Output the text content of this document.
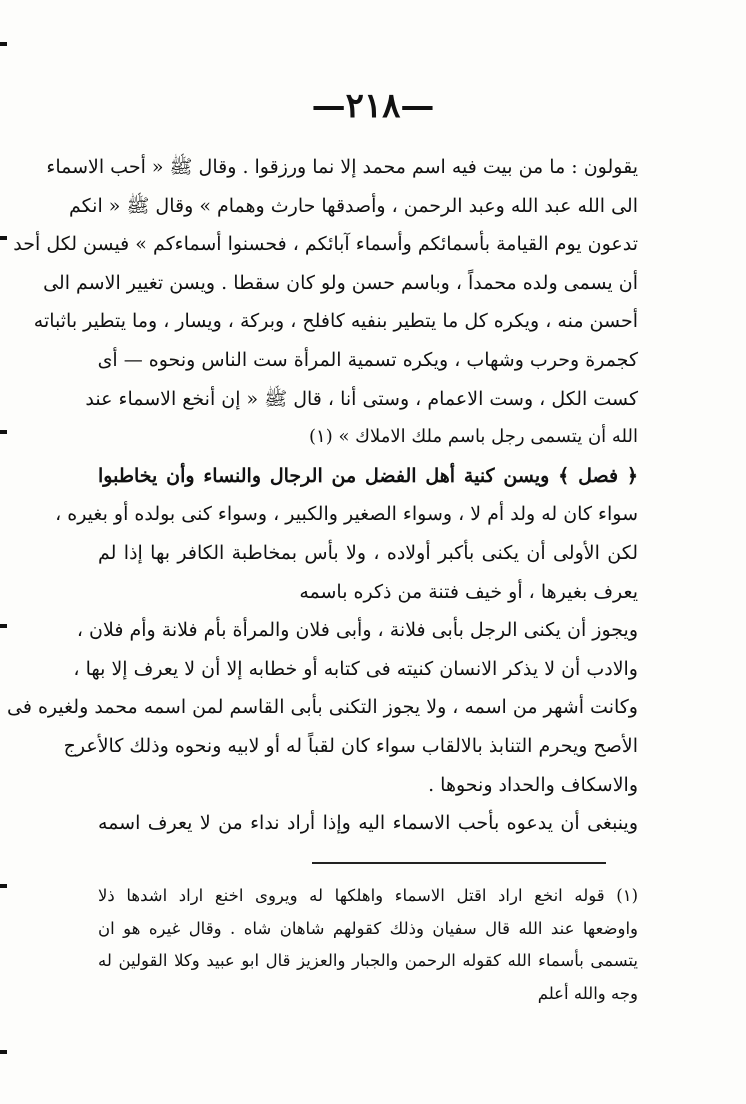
—٢١٨—
يقولون : ما من بيت فيه اسم محمد إلا نما ورزقوا . وقال ﷺ « أحب الاسماء
الى الله عبد الله وعبد الرحمن ، وأصدقها حارث وهمام » وقال ﷺ « انكم
تدعون يوم القيامة بأسمائكم وأسماء آبائكم ، فحسنوا أسماءكم » فيسن لكل أحد
أن يسمى ولده محمداً ، وباسم حسن ولو كان سقطا . ويسن تغيير الاسم الى
أحسن منه ، ويكره كل ما يتطير بنفيه كافلح ، وبركة ، ويسار ، وما يتطير باثباته
كجمرة وحرب وشهاب ، ويكره تسمية المرأة ست الناس ونحوه — أى
كست الكل ، وست الاعمام ، وستى أنا ، قال ﷺ « إن أنخع الاسماء عند
الله أن يتسمى رجل باسم ملك الاملاك » (١)
﴿ فصل ﴾ ويسن كنية أهل الفضل من الرجال والنساء وأن يخاطبوا
سواء كان له ولد أم لا ، وسواء الصغير والكبير ، وسواء كنى بولده أو بغيره ،
لكن الأولى أن يكنى بأكبر أولاده ، ولا بأس بمخاطبة الكافر بها إذا لم
يعرف بغيرها ، أو خيف فتنة من ذكره باسمه
ويجوز أن يكنى الرجل بأبى فلانة ، وأبى فلان والمرأة بأم فلانة وأم فلان ،
والادب أن لا يذكر الانسان كنيته فى كتابه أو خطابه إلا أن لا يعرف إلا بها ،
وكانت أشهر من اسمه ، ولا يجوز التكنى بأبى القاسم لمن اسمه محمد ولغيره فى
الأصح ويحرم التنابذ بالالقاب سواء كان لقباً له أو لابيه ونحوه وذلك كالأعرج
والاسكاف والحداد ونحوها .
وينبغى أن يدعوه بأحب الاسماء اليه وإذا أراد نداء من لا يعرف اسمه
(١) قوله انخع اراد اقتل الاسماء واهلكها له ويروى اخنع اراد اشدها ذلا
واوضعها عند الله قال سفيان وذلك كقولهم شاهان شاه . وقال غيره هو ان
يتسمى بأسماء الله كقوله الرحمن والجبار والعزيز قال ابو عبيد وكلا القولين له
وجه والله أعلم
